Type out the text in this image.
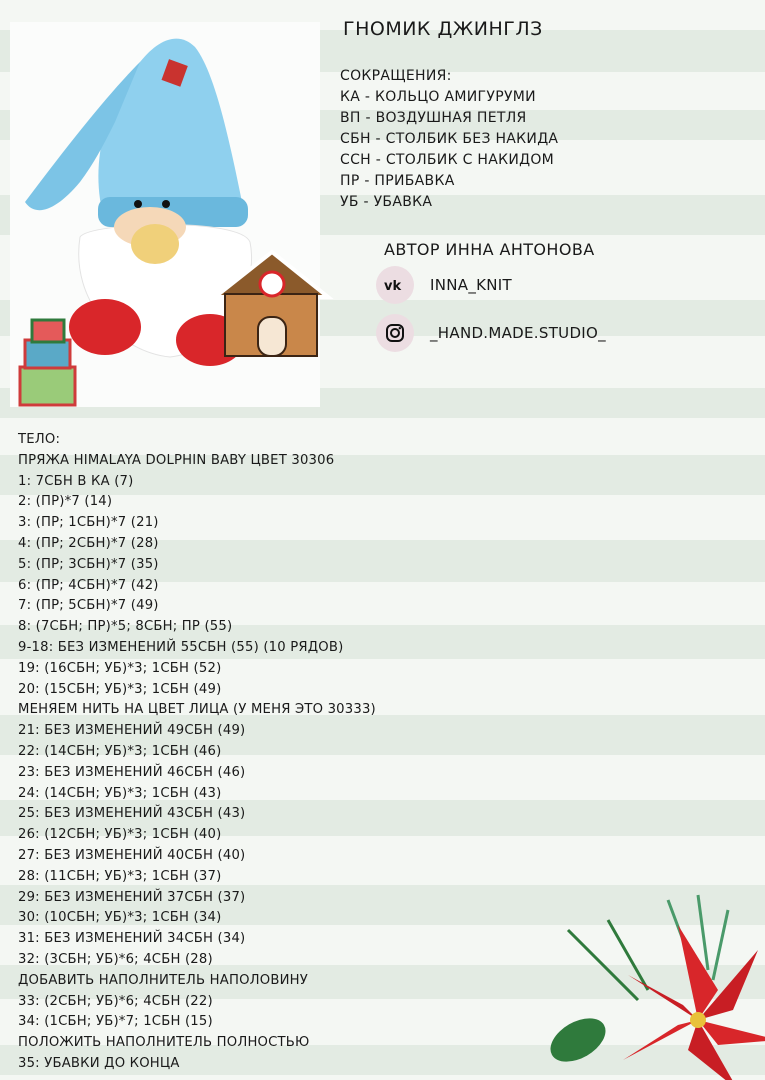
ГНОМИК ДЖИНГЛЗ
СОКРАЩЕНИЯ:
КА - КОЛЬЦО АМИГУРУМИ
ВП - ВОЗДУШНАЯ ПЕТЛЯ
СБН - СТОЛБИК БЕЗ НАКИДА
ССН - СТОЛБИК С НАКИДОМ
ПР - ПРИБАВКА
УБ - УБАВКА
АВТОР ИННА АНТОНОВА
vk INNA_KNIT
_HAND.MADE.STUDIO_
ТЕЛО:
ПРЯЖА HIMALAYA DOLPHIN BABY ЦВЕТ 30306
1: 7СБН В КА (7)
2: (ПР)*7 (14)
3: (ПР; 1СБН)*7 (21)
4: (ПР; 2СБН)*7 (28)
5: (ПР; 3СБН)*7 (35)
6: (ПР; 4СБН)*7 (42)
7: (ПР; 5СБН)*7 (49)
8: (7СБН; ПР)*5; 8СБН; ПР (55)
9-18: БЕЗ ИЗМЕНЕНИЙ 55СБН (55) (10 РЯДОВ)
19: (16СБН; УБ)*3; 1СБН (52)
20: (15СБН; УБ)*3; 1СБН (49)
МЕНЯЕМ НИТЬ НА ЦВЕТ ЛИЦА (У МЕНЯ ЭТО 30333)
21: БЕЗ ИЗМЕНЕНИЙ 49СБН (49)
22: (14СБН; УБ)*3; 1СБН (46)
23: БЕЗ ИЗМЕНЕНИЙ 46СБН (46)
24: (14СБН; УБ)*3; 1СБН (43)
25: БЕЗ ИЗМЕНЕНИЙ 43СБН (43)
26: (12СБН; УБ)*3; 1СБН (40)
27: БЕЗ ИЗМЕНЕНИЙ 40СБН (40)
28: (11СБН; УБ)*3; 1СБН (37)
29: БЕЗ ИЗМЕНЕНИЙ 37СБН (37)
30: (10СБН; УБ)*3; 1СБН (34)
31: БЕЗ ИЗМЕНЕНИЙ 34СБН (34)
32: (3СБН; УБ)*6; 4СБН (28)
ДОБАВИТЬ НАПОЛНИТЕЛЬ НАПОЛОВИНУ
33: (2СБН; УБ)*6; 4СБН (22)
34: (1СБН; УБ)*7; 1СБН (15)
ПОЛОЖИТЬ НАПОЛНИТЕЛЬ ПОЛНОСТЬЮ
35: УБАВКИ ДО КОНЦА
